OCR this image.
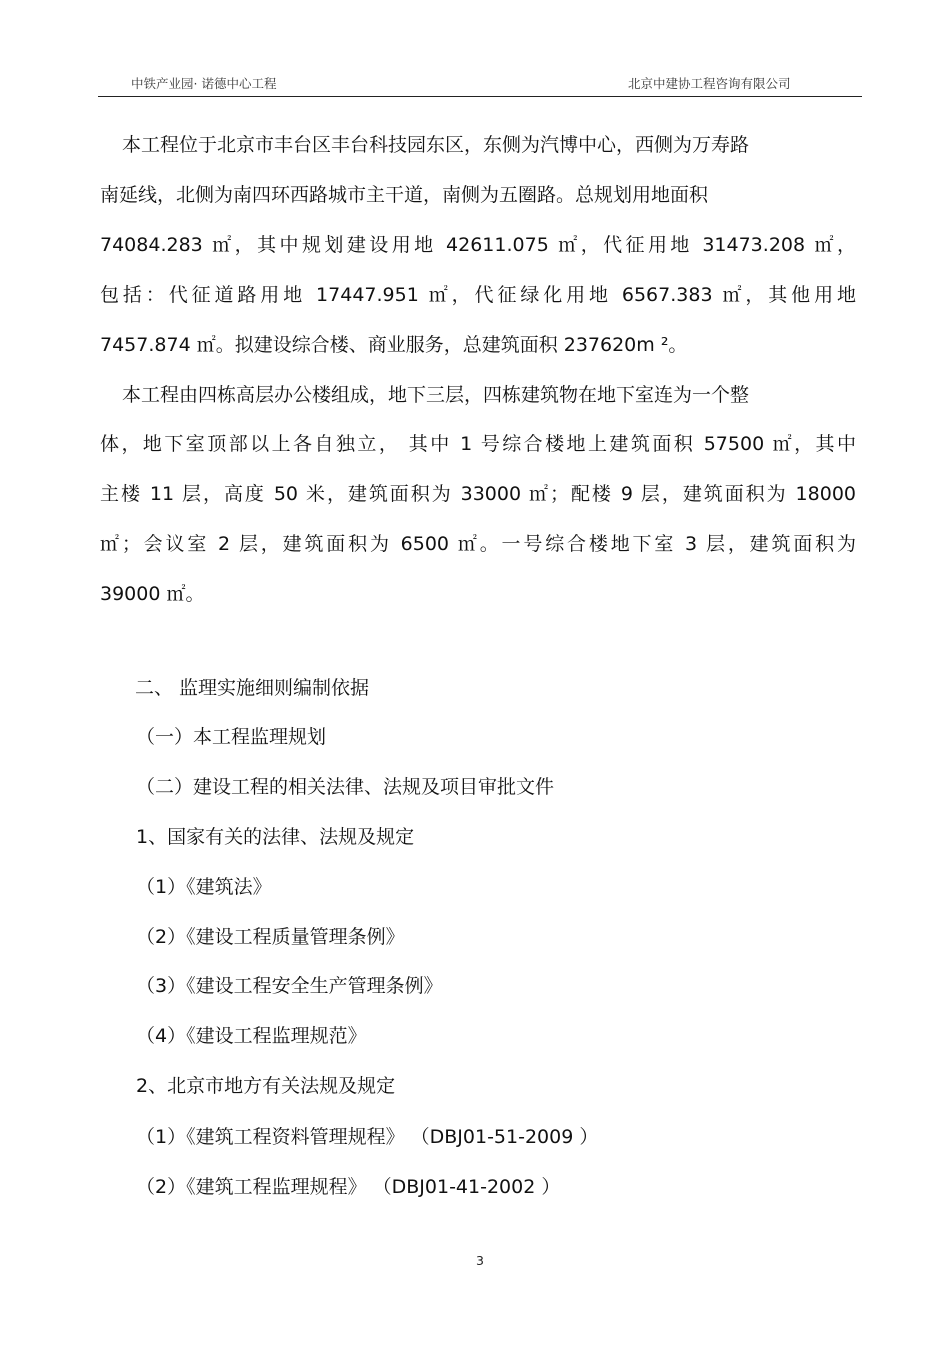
中铁产业园· 诺德中心工程	北京中建协工程咨询有限公司
本工程位于北京市丰台区丰台科技园东区，东侧为汽博中心，西侧为万寿路
南延线，北侧为南四环西路城市主干道，南侧为五圈路。总规划用地面积
74084.283 ㎡，其中规划建设用地 42611.075 ㎡，代征用地 31473.208 ㎡，
包括：代征道路用地 17447.951 ㎡，代征绿化用地 6567.383 ㎡，其他用地
7457.874 ㎡。拟建设综合楼、商业服务，总建筑面积 237620m ²。
本工程由四栋高层办公楼组成，地下三层，四栋建筑物在地下室连为一个整
体，地下室顶部以上各自独立， 其中 1 号综合楼地上建筑面积 57500 ㎡，其中
主楼 11 层，高度 50 米，建筑面积为 33000 ㎡；配楼 9 层，建筑面积为 18000
㎡；会议室 2 层，建筑面积为 6500 ㎡。一号综合楼地下室 3 层，建筑面积为
39000 ㎡。
二、 监理实施细则编制依据
（一）本工程监理规划
（二）建设工程的相关法律、法规及项目审批文件
1、国家有关的法律、法规及规定
（1）《建筑法》
（2）《建设工程质量管理条例》
（3）《建设工程安全生产管理条例》
（4）《建设工程监理规范》
2、北京市地方有关法规及规定
（1）《建筑工程资料管理规程》 （DBJ01-51-2009 ）
（2）《建筑工程监理规程》 （DBJ01-41-2002 ）
3
